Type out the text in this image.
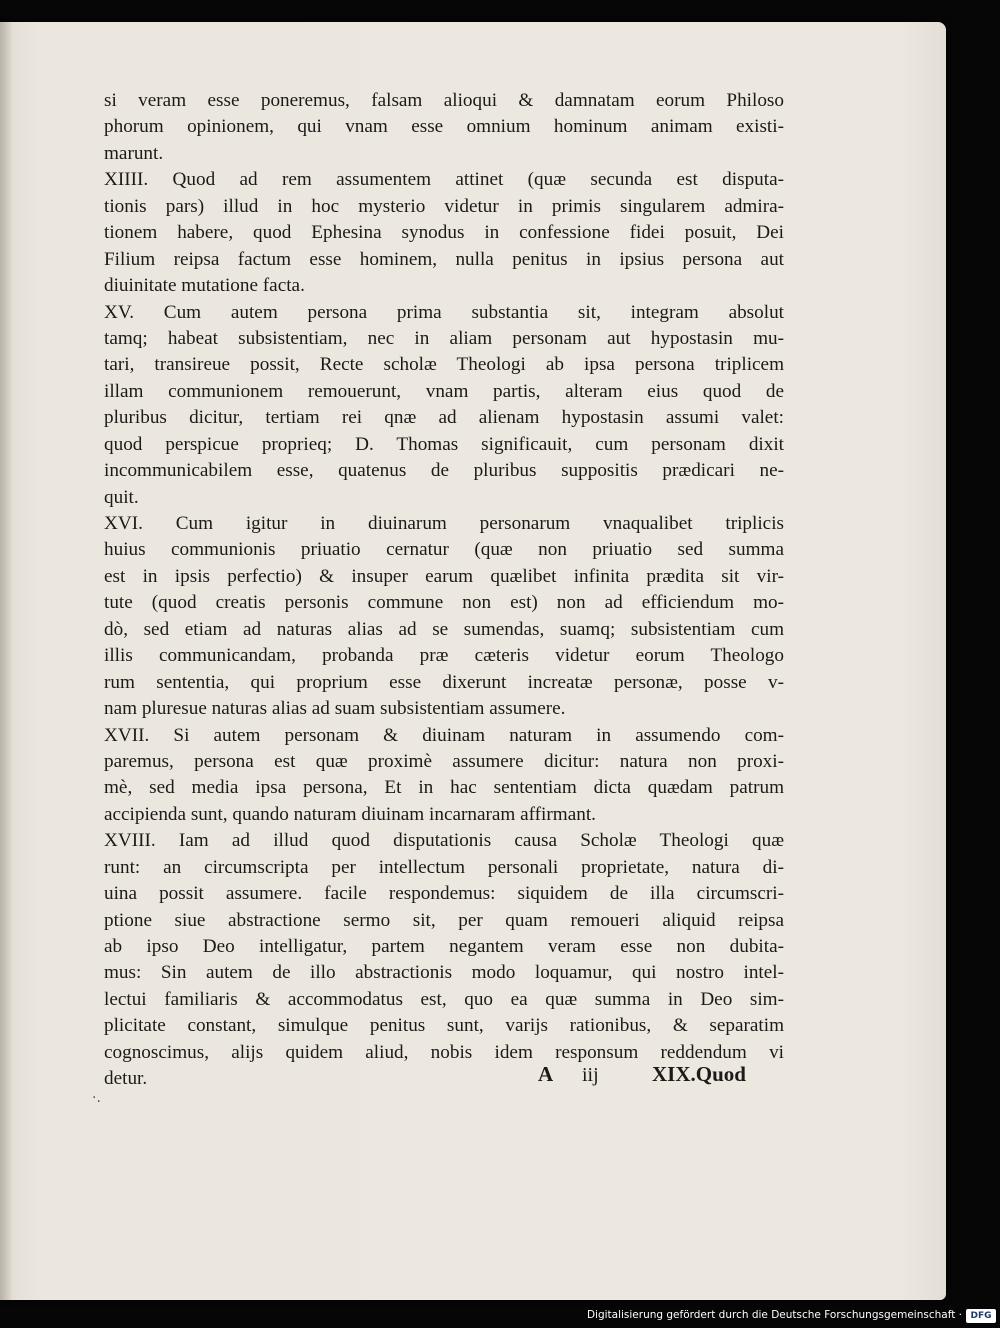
si veram esse poneremus, falsam alioqui & damnatam eorum Philoso
phorum opinionem, qui vnam esse omnium hominum animam existi-
marunt.
XIIII. Quod ad rem assumentem attinet (quæ secunda est disputa-
tionis pars) illud in hoc mysterio videtur in primis singularem admira-
tionem habere, quod Ephesina synodus in confessione fidei posuit, Dei
Filium reipsa factum esse hominem, nulla penitus in ipsius persona aut
diuinitate mutatione facta.
XV. Cum autem persona prima substantia sit, integram absolut
tamq; habeat subsistentiam, nec in aliam personam aut hypostasin mu-
tari, transireue possit, Recte scholæ Theologi ab ipsa persona triplicem
illam communionem remouerunt, vnam partis, alteram eius quod de
pluribus dicitur, tertiam rei qnæ ad alienam hypostasin assumi valet:
quod perspicue proprieq; D. Thomas significauit, cum personam dixit
incommunicabilem esse, quatenus de pluribus suppositis prædicari ne-
quit.
XVI. Cum igitur in diuinarum personarum vnaqualibet triplicis
huius communionis priuatio cernatur (quæ non priuatio sed summa
est in ipsis perfectio) & insuper earum quælibet infinita prædita sit vir-
tute (quod creatis personis commune non est) non ad efficiendum mo-
dò, sed etiam ad naturas alias ad se sumendas, suamq; subsistentiam cum
illis communicandam, probanda præ cæteris videtur eorum Theologo
rum sententia, qui proprium esse dixerunt increatæ personæ, posse v-
nam pluresue naturas alias ad suam subsistentiam assumere.
XVII. Si autem personam & diuinam naturam in assumendo com-
paremus, persona est quæ proximè assumere dicitur: natura non proxi-
mè, sed media ipsa persona, Et in hac sententiam dicta quædam patrum
accipienda sunt, quando naturam diuinam incarnaram affirmant.
XVIII. Iam ad illud quod disputationis causa Scholæ Theologi quæ
runt: an circumscripta per intellectum personali proprietate, natura di-
uina possit assumere. facile respondemus: siquidem de illa circumscri-
ptione siue abstractione sermo sit, per quam remoueri aliquid reipsa
ab ipso Deo intelligatur, partem negantem veram esse non dubita-
mus: Sin autem de illo abstractionis modo loquamur, qui nostro intel-
lectui familiaris & accommodatus est, quo ea quæ summa in Deo sim-
plicitate constant, simulque penitus sunt, varijs rationibus, & separatim
cognoscimus, alijs quidem aliud, nobis idem responsum reddendum vi
detur.
·.
A iij	XIX.Quod
Digitalisierung gefördert durch die Deutsche Forschungsgemeinschaft · DFG
